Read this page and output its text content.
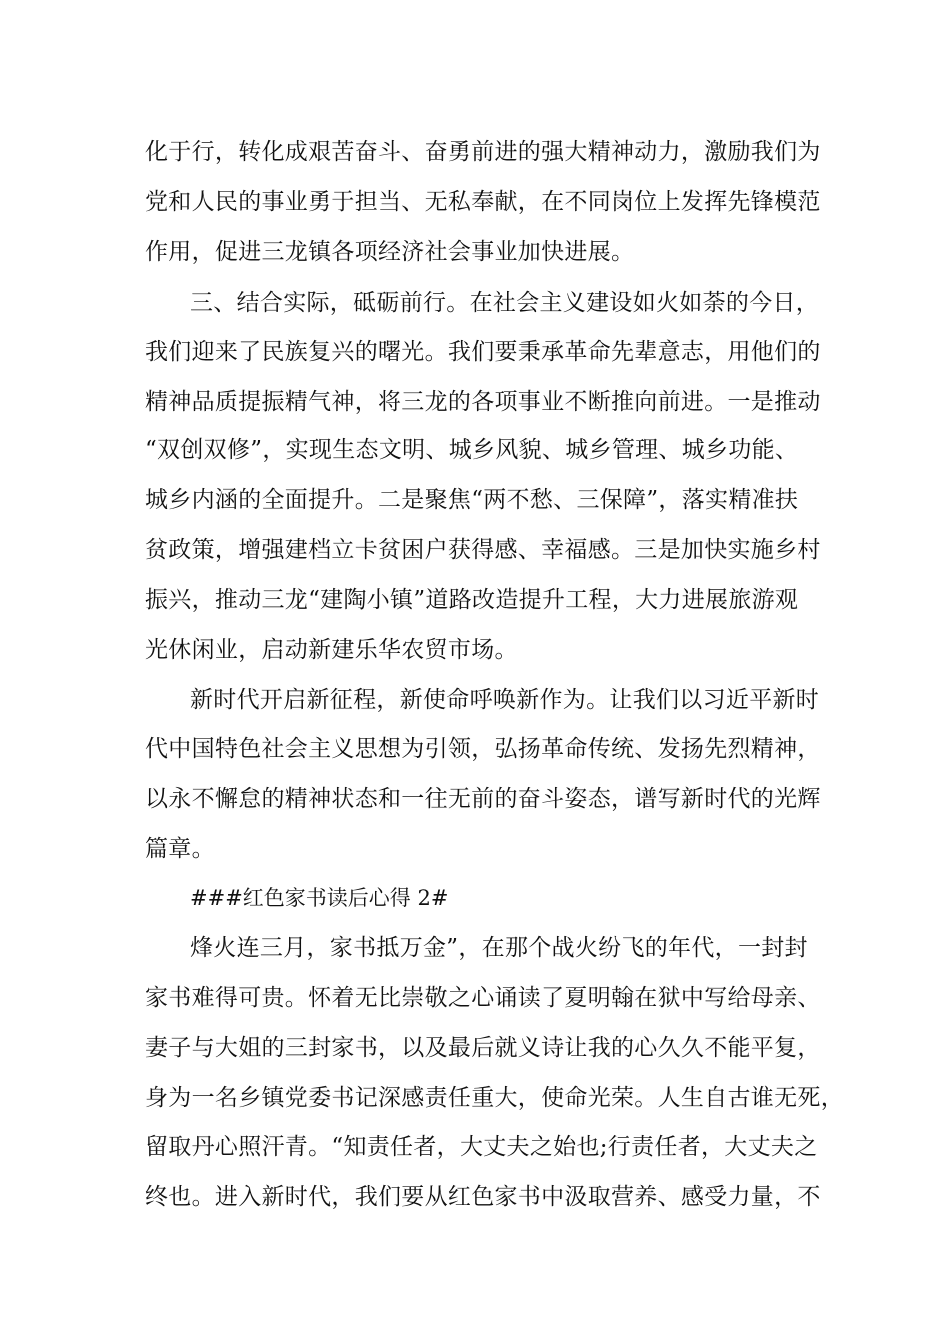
化于行，转化成艰苦奋斗、奋勇前进的强大精神动力，激励我们为

党和人民的事业勇于担当、无私奉献，在不同岗位上发挥先锋模范

作用，促进三龙镇各项经济社会事业加快进展。

三、结合实际，砥砺前行。在社会主义建设如火如荼的今日，

我们迎来了民族复兴的曙光。我们要秉承革命先辈意志，用他们的

精神品质提振精气神，将三龙的各项事业不断推向前进。一是推动

“双创双修”，实现生态文明、城乡风貌、城乡管理、城乡功能、

城乡内涵的全面提升。二是聚焦“两不愁、三保障”，落实精准扶

贫政策，增强建档立卡贫困户获得感、幸福感。三是加快实施乡村

振兴，推动三龙“建陶小镇”道路改造提升工程，大力进展旅游观

光休闲业，启动新建乐华农贸市场。

新时代开启新征程，新使命呼唤新作为。让我们以习近平新时

代中国特色社会主义思想为引领，弘扬革命传统、发扬先烈精神，

以永不懈怠的精神状态和一往无前的奋斗姿态，谱写新时代的光辉

篇章。

###红色家书读后心得 2#

烽火连三月，家书抵万金”，在那个战火纷飞的年代，一封封

家书难得可贵。怀着无比崇敬之心诵读了夏明翰在狱中写给母亲、

妻子与大姐的三封家书，以及最后就义诗让我的心久久不能平复，

身为一名乡镇党委书记深感责任重大，使命光荣。人生自古谁无死，

留取丹心照汗青。“知责任者，大丈夫之始也;行责任者，大丈夫之

终也。进入新时代，我们要从红色家书中汲取营养、感受力量，不
